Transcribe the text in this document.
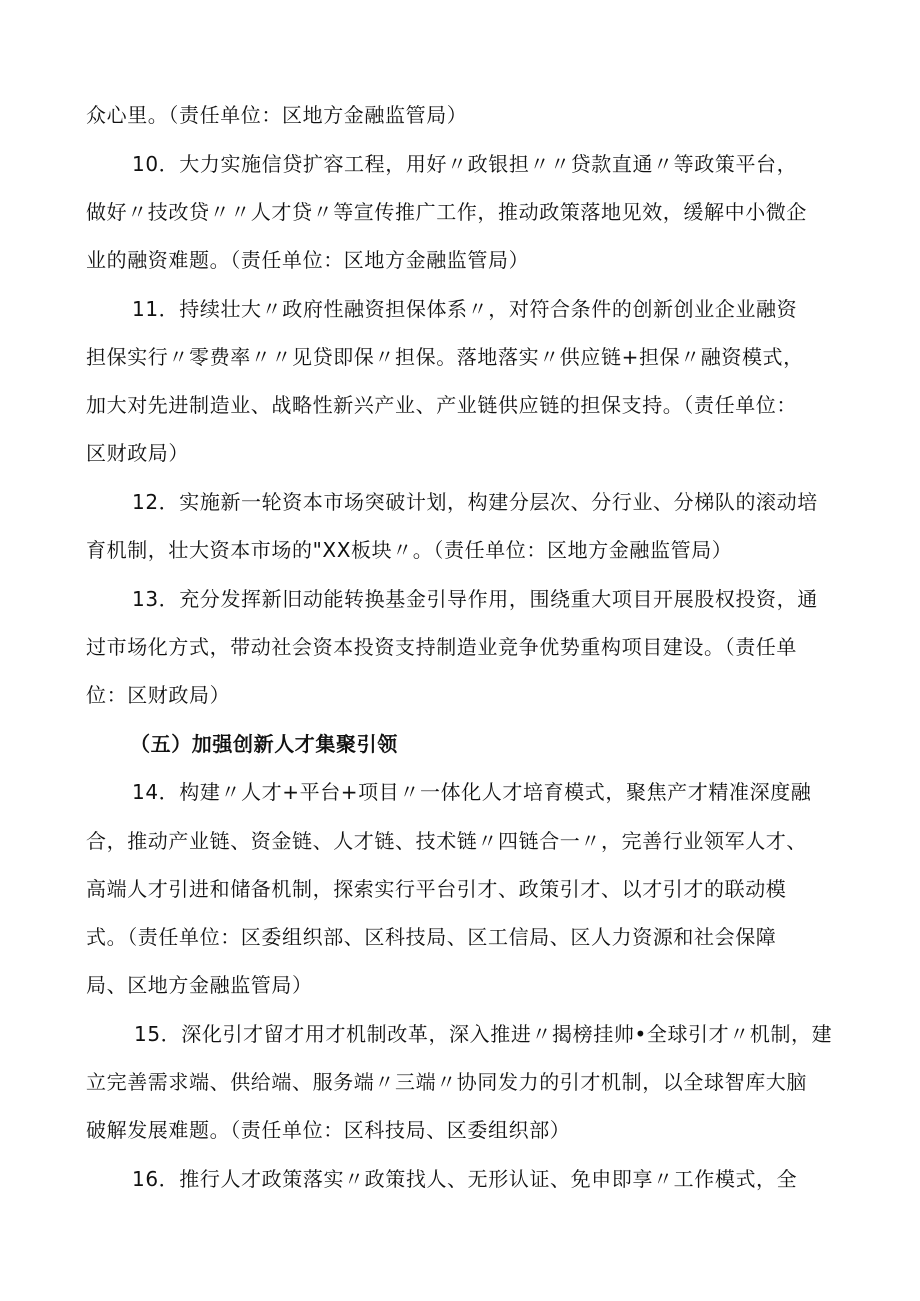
众心里。（责任单位：区地方金融监管局）
10．大力实施信贷扩容工程，用好〃政银担〃〃贷款直通〃等政策平台，
做好〃技改贷〃〃人才贷〃等宣传推广工作，推动政策落地见效，缓解中小微企
业的融资难题。（责任单位：区地方金融监管局）
11．持续壮大〃政府性融资担保体系〃，对符合条件的创新创业企业融资
担保实行〃零费率〃〃见贷即保〃担保。落地落实〃供应链+担保〃融资模式，
加大对先进制造业、战略性新兴产业、产业链供应链的担保支持。（责任单位：
区财政局）
12．实施新一轮资本市场突破计划，构建分层次、分行业、分梯队的滚动培
育机制，壮大资本市场的"XX板块〃。（责任单位：区地方金融监管局）
13．充分发挥新旧动能转换基金引导作用，围绕重大项目开展股权投资，通
过市场化方式，带动社会资本投资支持制造业竞争优势重构项目建设。（责任单
位：区财政局）
（五）加强创新人才集聚引领
14．构建〃人才+平台+项目〃一体化人才培育模式，聚焦产才精准深度融
合，推动产业链、资金链、人才链、技术链〃四链合一〃，完善行业领军人才、
高端人才引进和储备机制，探索实行平台引才、政策引才、以才引才的联动模
式。（责任单位：区委组织部、区科技局、区工信局、区人力资源和社会保障
局、区地方金融监管局）
15．深化引才留才用才机制改革，深入推进〃揭榜挂帅•全球引才〃机制，建
立完善需求端、供给端、服务端〃三端〃协同发力的引才机制，以全球智库大脑
破解发展难题。（责任单位：区科技局、区委组织部）
16．推行人才政策落实〃政策找人、无形认证、免申即享〃工作模式，全
